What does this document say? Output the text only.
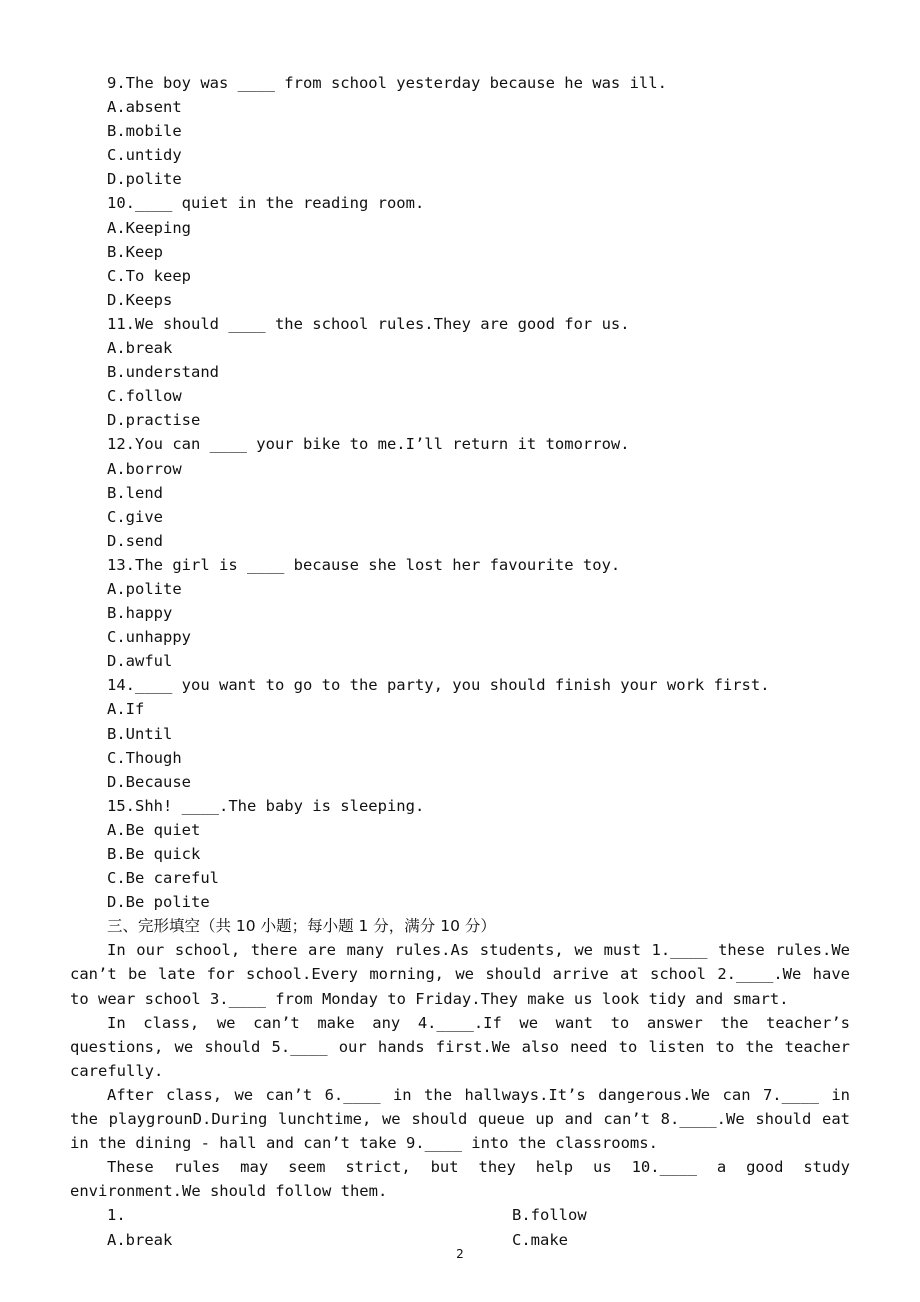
9.The boy was ____ from school yesterday because he was ill.
A.absent
B.mobile
C.untidy
D.polite
10.____ quiet in the reading room.
A.Keeping
B.Keep
C.To keep
D.Keeps
11.We should ____ the school rules.They are good for us.
A.break
B.understand
C.follow
D.practise
12.You can ____ your bike to me.I’ll return it tomorrow.
A.borrow
B.lend
C.give
D.send
13.The girl is ____ because she lost her favourite toy.
A.polite
B.happy
C.unhappy
D.awful
14.____ you want to go to the party, you should finish your work first.
A.If
B.Until
C.Though
D.Because
15.Shh! ____.The baby is sleeping.
A.Be quiet
B.Be quick
C.Be careful
D.Be polite
三、完形填空（共 10 小题；每小题 1 分，满分 10 分）

In our school, there are many rules.As students, we must 1.____ these rules.We can’t be late for school.Every morning, we should arrive at school 2.____.We have to wear school 3.____ from Monday to Friday.They make us look tidy and smart.

In class, we can’t make any 4.____.If we want to answer the teacher’s questions, we should 5.____ our hands first.We also need to listen to the teacher carefully.

After class, we can’t 6.____ in the hallways.It’s dangerous.We can 7.____ in the playgrounD.During lunchtime, we should queue up and can’t 8.____.We should eat in the dining - hall and can’t take 9.____ into the classrooms.

These rules may seem strict, but they help us 10.____ a good study environment.We should follow them.

1.	B.follow
A.break	C.make
2
